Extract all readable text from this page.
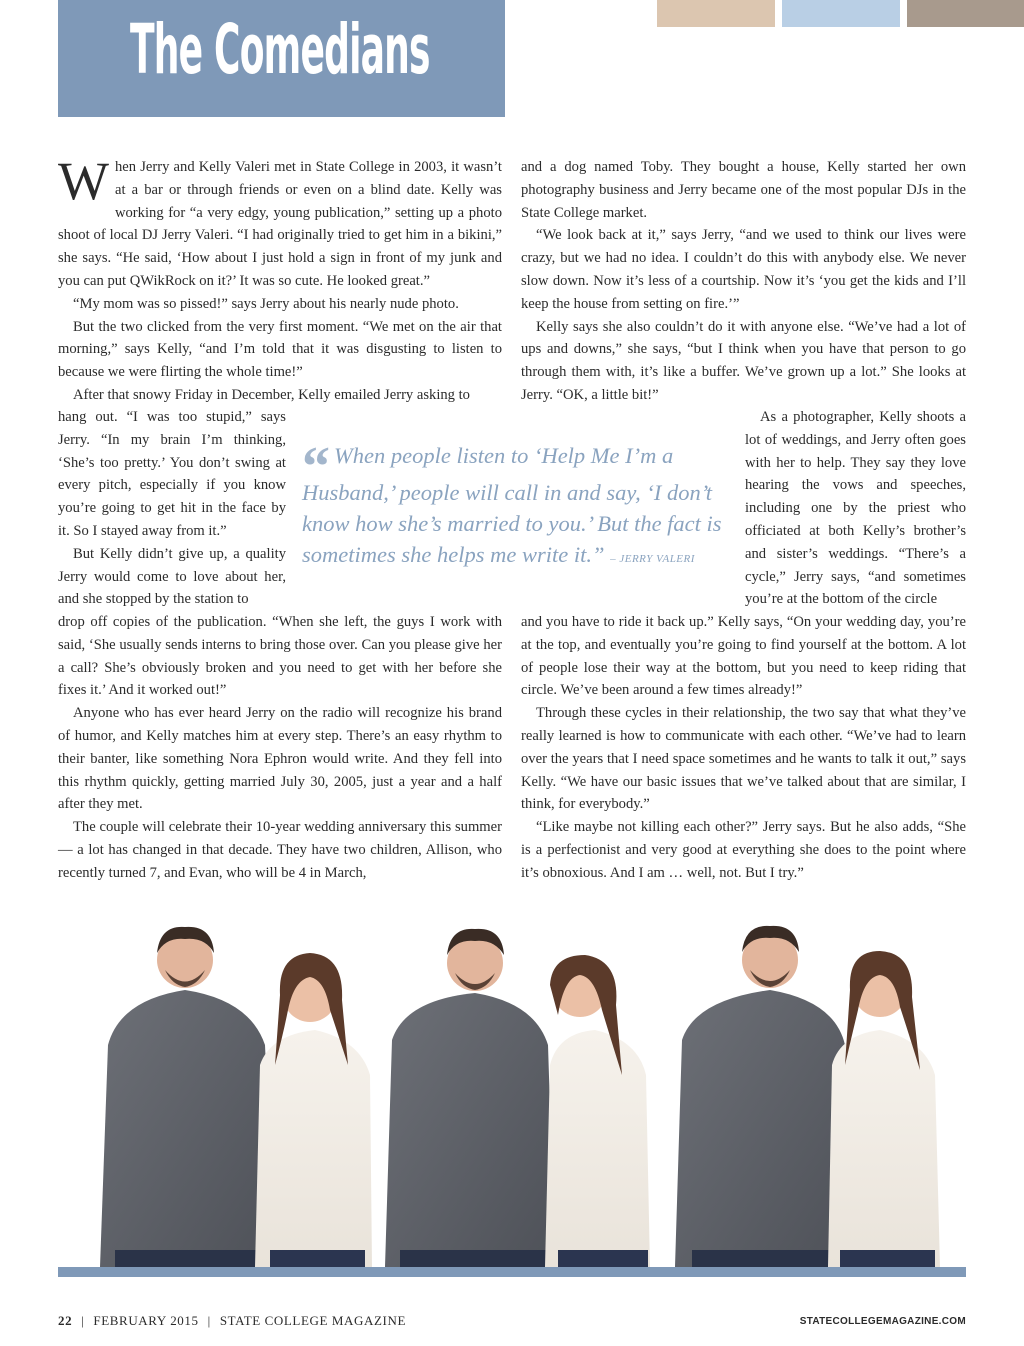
The Comedians

When Jerry and Kelly Valeri met in State College in 2003, it wasn’t at a bar or through friends or even on a blind date. Kelly was working for “a very edgy, young publication,” setting up a photo shoot of local DJ Jerry Valeri. “I had originally tried to get him in a bikini,” she says. “He said, ‘How about I just hold a sign in front of my junk and you can put QWikRock on it?’ It was so cute. He looked great.”

“My mom was so pissed!” says Jerry about his nearly nude photo.

But the two clicked from the very first moment. “We met on the air that morning,” says Kelly, “and I’m told that it was disgusting to listen to because we were flirting the whole time!”

After that snowy Friday in December, Kelly emailed Jerry asking to

hang out. “I was too stupid,” says Jerry. “In my brain I’m thinking, ‘She’s too pretty.’ You don’t swing at every pitch, especially if you know you’re going to get hit in the face by it. So I stayed away from it.”

But Kelly didn’t give up, a quality Jerry would come to love about her, and she stopped by the station to

“ When people listen to ‘Help Me I’m a Husband,’ people will call in and say, ‘I don’t know how she’s married to you.’ But the fact is sometimes she helps me write it.” – JERRY VALERI

drop off copies of the publication. “When she left, the guys I work with said, ‘She usually sends interns to bring those over. Can you please give her a call? She’s obviously broken and you need to get with her before she fixes it.’ And it worked out!”

Anyone who has ever heard Jerry on the radio will recognize his brand of humor, and Kelly matches him at every step. There’s an easy rhythm to their banter, like something Nora Ephron would write. And they fell into this rhythm quickly, getting married July 30, 2005, just a year and a half after they met.

The couple will celebrate their 10-year wedding anniversary this summer — a lot has changed in that decade. They have two children, Allison, who recently turned 7, and Evan, who will be 4 in March,

and a dog named Toby. They bought a house, Kelly started her own photography business and Jerry became one of the most popular DJs in the State College market.

“We look back at it,” says Jerry, “and we used to think our lives were crazy, but we had no idea. I couldn’t do this with anybody else. We never slow down. Now it’s less of a courtship. Now it’s ‘you get the kids and I’ll keep the house from setting on fire.’”

Kelly says she also couldn’t do it with anyone else. “We’ve had a lot of ups and downs,” she says, “but I think when you have that person to go through them with, it’s like a buffer. We’ve grown up a lot.” She looks at Jerry. “OK, a little bit!”

As a photographer, Kelly shoots a lot of weddings, and Jerry often goes with her to help. They say they love hearing the vows and speeches, including one by the priest who officiated at both Kelly’s brother’s and sister’s weddings. “There’s a cycle,” Jerry says, “and sometimes you’re at the bottom of the circle

and you have to ride it back up.” Kelly says, “On your wedding day, you’re at the top, and eventually you’re going to find yourself at the bottom. A lot of people lose their way at the bottom, but you need to keep riding that circle. We’ve been around a few times already!”

Through these cycles in their relationship, the two say that what they’ve really learned is how to communicate with each other. “We’ve had to learn over the years that I need space sometimes and he wants to talk it out,” says Kelly. “We have our basic issues that we’ve talked about that are similar, I think, for everybody.”

“Like maybe not killing each other?” Jerry says. But he also adds, “She is a perfectionist and very good at everything she does to the point where it’s obnoxious. And I am … well, not. But I try.”

22 | FEBRUARY 2015 | STATE COLLEGE MAGAZINE	STATECOLLEGEMAGAZINE.COM
